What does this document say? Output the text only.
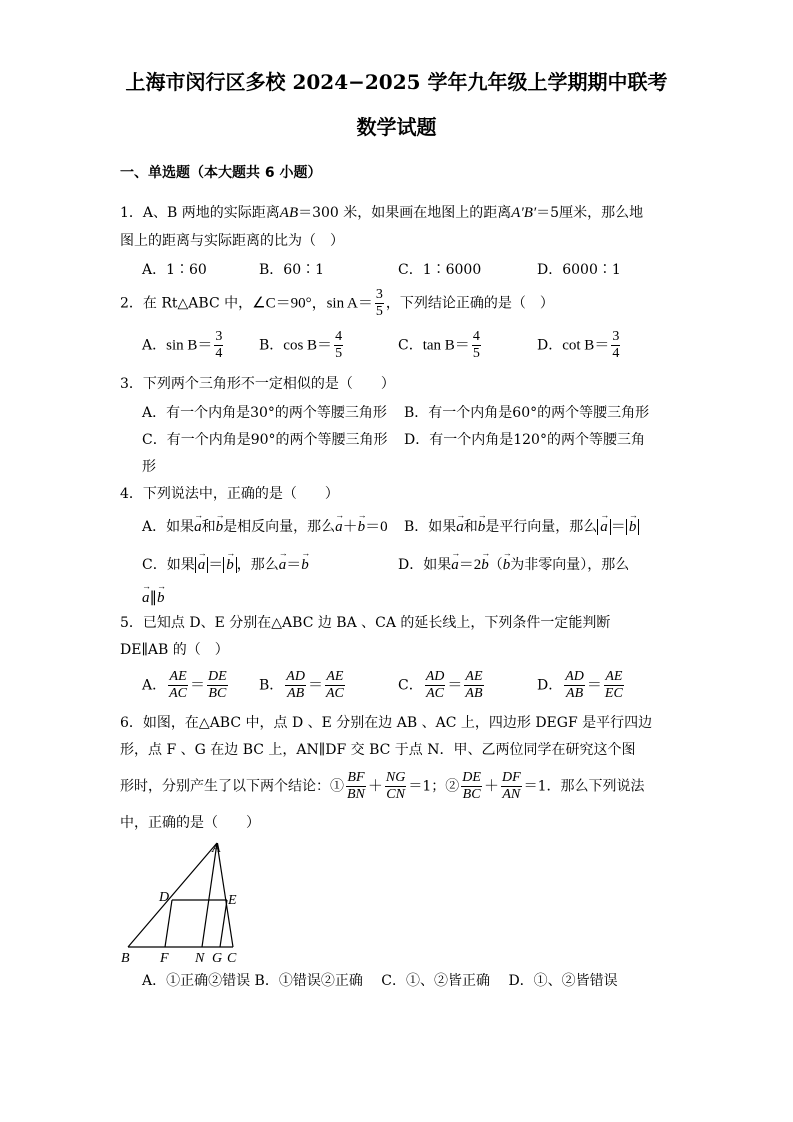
上海市闵行区多校 2024−2025 学年九年级上学期期中联考
数学试题
一、单选题（本大题共 6 小题）
1．A、B 两地的实际距离AB＝300 米，如果画在地图上的距离A′B′＝5厘米，那么地
图上的距离与实际距离的比为（　）
A．1∶60	B．60∶1	C．1∶6000	D．6000∶1
2．在 Rt△ABC 中，∠C＝90°，$\sin A= \frac{3}{5}$ ，下列结论正确的是（　）
A．$\sin B= \frac{3}{4}$	B．$\cos B= \frac{4}{5}$	C．$\tan B= \frac{4}{5}$	D．$\cot B= \frac{3}{4}$
3．下列两个三角形不一定相似的是（　　）
A．有一个内角是30°的两个等腰三角形 B．有一个内角是60°的两个等腰三角形
C．有一个内角是90°的两个等腰三角形 D．有一个内角是120°的两个等腰三角
形
4．下列说法中，正确的是（　　）
A．如果→ a和→ b是相反向量，那么→ a＋→ b＝0 B．如果→ a和→ b是平行向量，那么 → a ＝ → b
C．如果 → a ＝ → b ，那么→ a＝→ b	D．如果→ a＝2→ b（→ b为非零向量），那么
→ a∥→ b
5．已知点 D、E 分别在△ABC 边 BA 、CA 的延长线上，下列条件一定能判断
DE∥AB 的（　）
A． $\frac{AE}{AC} = \frac{DE}{BC}$ B． $\frac{AD}{AB} = \frac{AE}{AC}$	C． $\frac{AD}{AC} = \frac{AE}{AB}$	D． $\frac{AD}{AB} = \frac{AE}{EC}$
6．如图，在△ABC 中，点 D 、E 分别在边 AB 、AC 上，四边形 DEGF 是平行四边
形，点 F 、G 在边 BC 上，AN∥DF 交 BC 于点 N．甲、乙两位同学在研究这个图
形时，分别产生了以下两个结论：① $\frac{BF}{BN} + \frac{NG}{CN} =1$；② $\frac{DE}{BC} + \frac{DF}{AN} =1$．那么下列说法
中，正确的是（　　）
A
D	E
B F N G C
A．①正确②错误 B．①错误②正确　 C．①、②皆正确　 D．①、②皆错误
